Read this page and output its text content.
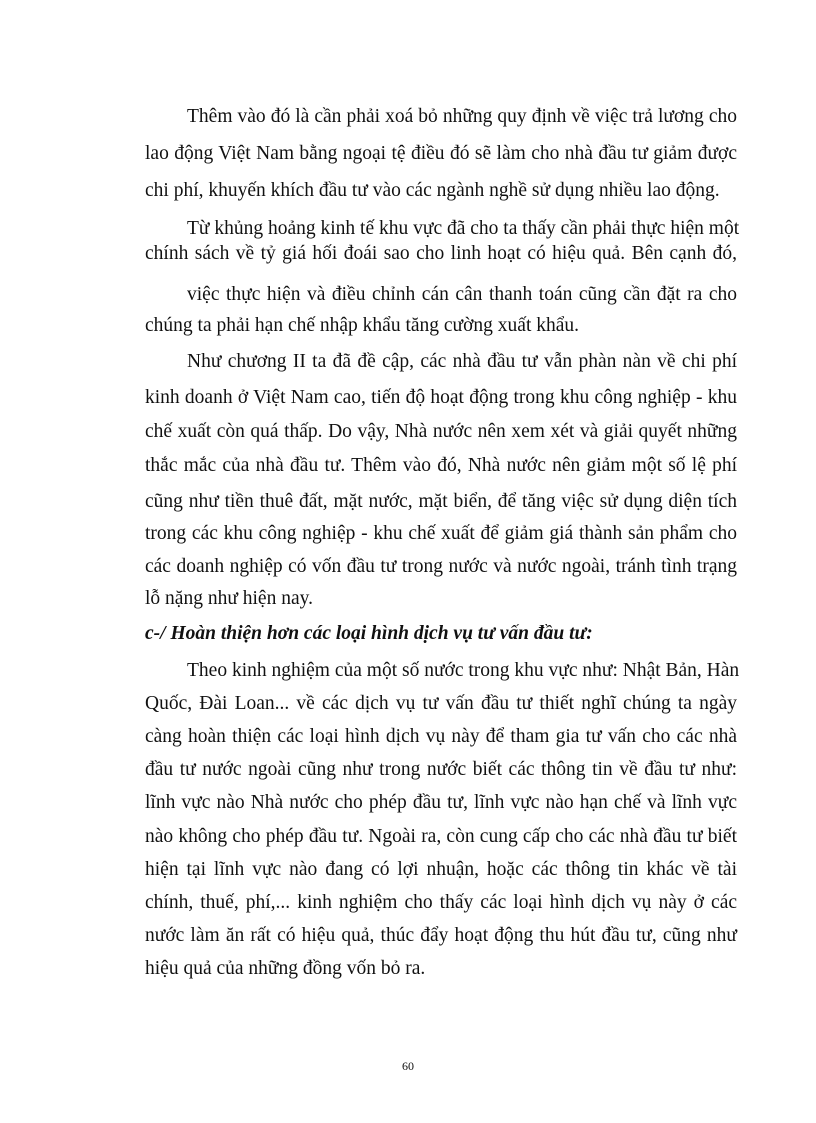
Thêm vào đó là cần phải xoá bỏ những quy định về việc trả lương cho
lao động Việt Nam bằng ngoại tệ điều đó sẽ làm cho nhà đầu tư giảm được
chi phí, khuyến khích đầu tư vào các ngành nghề sử dụng nhiều lao động.
Từ khủng hoảng kinh tế khu vực đã cho ta thấy cần phải thực hiện một
chính sách về tỷ giá hối đoái sao cho linh hoạt có hiệu quả. Bên cạnh đó,
việc thực hiện và điều chỉnh cán cân thanh toán cũng cần đặt ra cho
chúng ta phải hạn chế nhập khẩu tăng cường xuất khẩu.
Như chương II ta đã đề cập, các nhà đầu tư vẫn phàn nàn về chi phí
kinh doanh ở Việt Nam cao, tiến độ hoạt động trong khu công nghiệp - khu
chế xuất còn quá thấp. Do vậy, Nhà nước nên xem xét và giải quyết những
thắc mắc của nhà đầu tư. Thêm vào đó, Nhà nước nên giảm một số lệ phí
cũng như tiền thuê đất, mặt nước, mặt biển, để tăng việc sử dụng diện tích
trong các khu công nghiệp - khu chế xuất để giảm giá thành sản phẩm cho
các doanh nghiệp có vốn đầu tư trong nước và nước ngoài, tránh tình trạng
lỗ nặng như hiện nay.
c-/ Hoàn thiện hơn các loại hình dịch vụ tư vấn đầu tư:
Theo kinh nghiệm của một số nước trong khu vực như: Nhật Bản, Hàn
Quốc, Đài Loan... về các dịch vụ tư vấn đầu tư thiết nghĩ chúng ta ngày
càng hoàn thiện các loại hình dịch vụ này để tham gia tư vấn cho các nhà
đầu tư nước ngoài cũng như trong nước biết các thông tin về đầu tư như:
lĩnh vực nào Nhà nước cho phép đầu tư, lĩnh vực nào hạn chế và lĩnh vực
nào không cho phép đầu tư. Ngoài ra, còn cung cấp cho các nhà đầu tư biết
hiện tại lĩnh vực nào đang có lợi nhuận, hoặc các thông tin khác về tài
chính, thuế, phí,... kinh nghiệm cho thấy các loại hình dịch vụ này ở các
nước làm ăn rất có hiệu quả, thúc đẩy hoạt động thu hút đầu tư, cũng như
hiệu quả của những đồng vốn bỏ ra.
60
